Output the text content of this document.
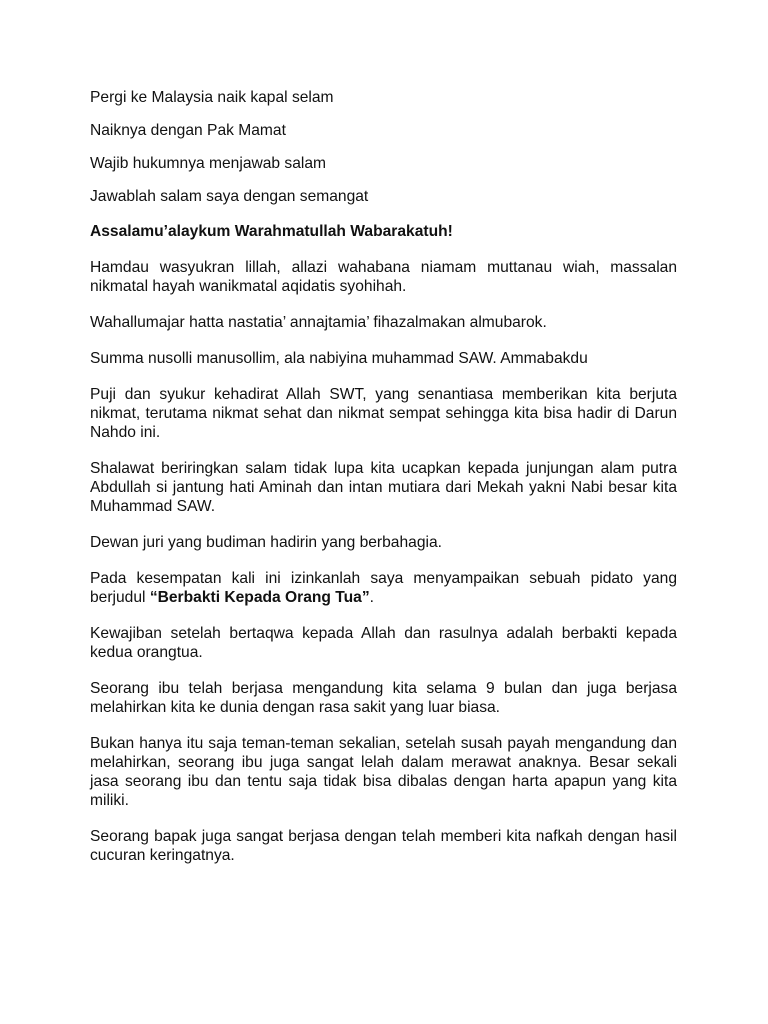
Pergi ke Malaysia naik kapal selam

Naiknya dengan Pak Mamat

Wajib hukumnya menjawab salam

Jawablah salam saya dengan semangat

Assalamu’alaykum Warahmatullah Wabarakatuh!

Hamdau wasyukran lillah, allazi wahabana niamam muttanau wiah, massalan nikmatal hayah wanikmatal aqidatis syohihah.

Wahallumajar hatta nastatia’ annajtamia’ fihazalmakan almubarok.

Summa nusolli manusollim, ala nabiyina muhammad SAW. Ammabakdu

Puji dan syukur kehadirat Allah SWT, yang senantiasa memberikan kita berjuta nikmat, terutama nikmat sehat dan nikmat sempat sehingga kita bisa hadir di Darun Nahdo ini.

Shalawat beriringkan salam tidak lupa kita ucapkan kepada junjungan alam putra Abdullah si jantung hati Aminah dan intan mutiara dari Mekah yakni Nabi besar kita Muhammad SAW.

Dewan juri yang budiman hadirin yang berbahagia.

Pada kesempatan kali ini izinkanlah saya menyampaikan sebuah pidato yang berjudul “Berbakti Kepada Orang Tua”.

Kewajiban setelah bertaqwa kepada Allah dan rasulnya adalah berbakti kepada kedua orangtua.

Seorang ibu telah berjasa mengandung kita selama 9 bulan dan juga berjasa melahirkan kita ke dunia dengan rasa sakit yang luar biasa.

Bukan hanya itu saja teman-teman sekalian, setelah susah payah mengandung dan melahirkan, seorang ibu juga sangat lelah dalam merawat anaknya. Besar sekali jasa seorang ibu dan tentu saja tidak bisa dibalas dengan harta apapun yang kita miliki.

Seorang bapak juga sangat berjasa dengan telah memberi kita nafkah dengan hasil cucuran keringatnya.
